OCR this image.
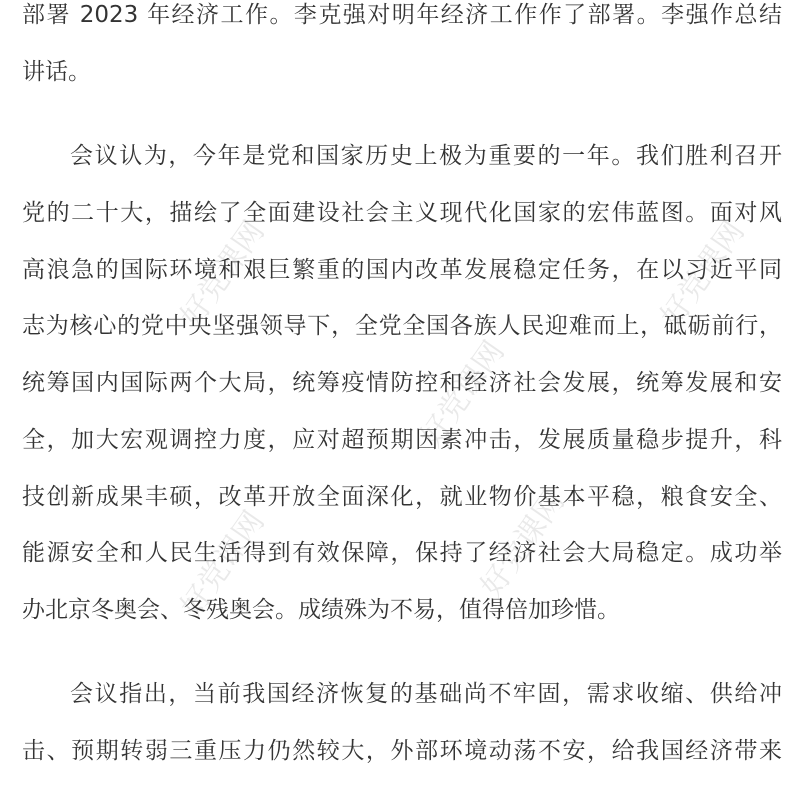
好党课网	好党课网
好党课网
好党课网	好党课网
部署 2023 年经济工作。李克强对明年经济工作作了部署。李强作总结
讲话。
会议认为，今年是党和国家历史上极为重要的一年。我们胜利召开
党的二十大，描绘了全面建设社会主义现代化国家的宏伟蓝图。面对风
高浪急的国际环境和艰巨繁重的国内改革发展稳定任务，在以习近平同
志为核心的党中央坚强领导下，全党全国各族人民迎难而上，砥砺前行，
统筹国内国际两个大局，统筹疫情防控和经济社会发展，统筹发展和安
全，加大宏观调控力度，应对超预期因素冲击，发展质量稳步提升，科
技创新成果丰硕，改革开放全面深化，就业物价基本平稳，粮食安全、
能源安全和人民生活得到有效保障，保持了经济社会大局稳定。成功举
办北京冬奥会、冬残奥会。成绩殊为不易，值得倍加珍惜。
会议指出，当前我国经济恢复的基础尚不牢固，需求收缩、供给冲
击、预期转弱三重压力仍然较大，外部环境动荡不安，给我国经济带来
